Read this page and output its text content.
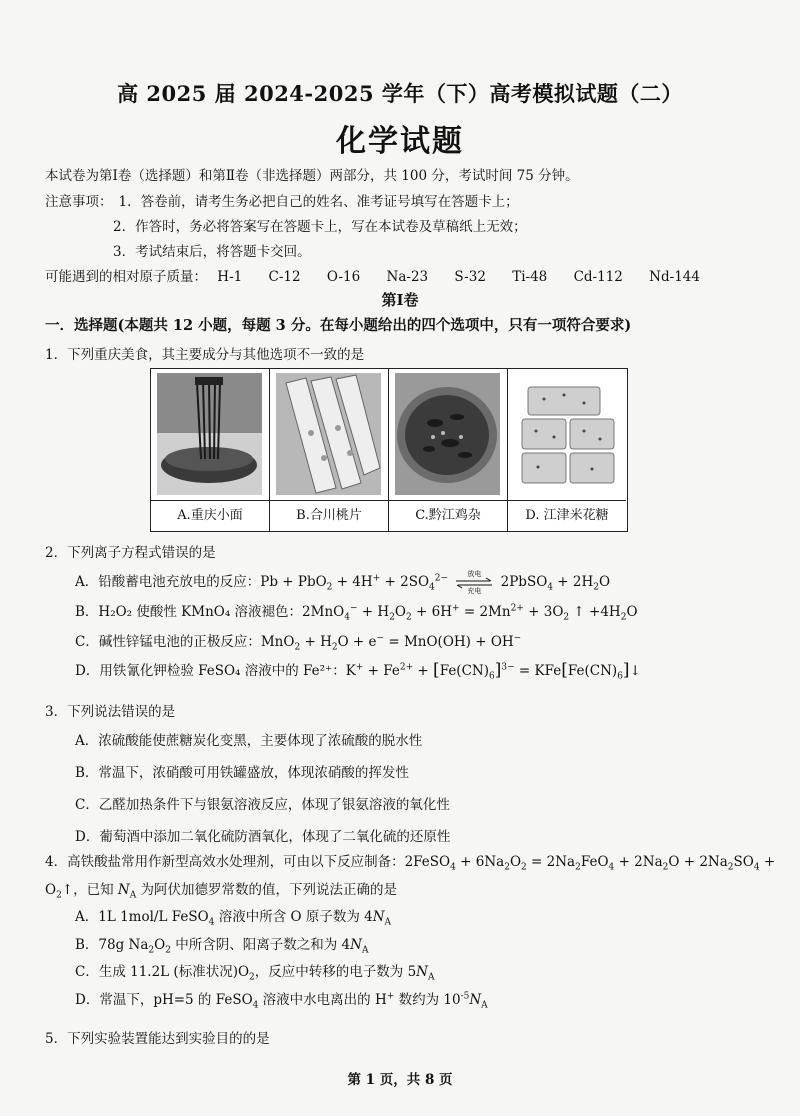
高 2025 届 2024-2025 学年（下）高考模拟试题（二）
化学试题
本试卷为第Ⅰ卷（选择题）和第Ⅱ卷（非选择题）两部分，共 100 分，考试时间 75 分钟。
注意事项： 1．答卷前，请考生务必把自己的姓名、准考证号填写在答题卡上；
2．作答时，务必将答案写在答题卡上，写在本试卷及草稿纸上无效；
3．考试结束后，将答题卡交回。
可能遇到的相对原子质量： H-1 C-12 O-16 Na-23 S-32 Ti-48 Cd-112 Nd-144
第Ⅰ卷
一．选择题(本题共 12 小题，每题 3 分。在每小题给出的四个选项中，只有一项符合要求)
1．下列重庆美食，其主要成分与其他选项不一致的是
A.重庆小面	B.合川桃片	C.黔江鸡杂	D. 江津米花糖
2．下列离子方程式错误的是
A．铅酸蓄电池充放电的反应：$Pb + PbO_2 + 4H^+ + 2SO_4^{2-}$	放电
充电
2PbSO$_4$ + $2H_2O$
B．H₂O₂ 使酸性 KMnO₄ 溶液褪色：$2MnO_4^- + H_2O_2 + 6H^+ = 2Mn^{2+} + 3O_2$ ↑ $+4H_2O$
C．碱性锌锰电池的正极反应：$MnO_2 + H_2O + e^- = MnO(OH) + OH^-$
D．用铁氰化钾检验 FeSO₄ 溶液中的 Fe²⁺：$K^+ + Fe^{2+} + [Fe(CN)_6]^{3-}$ = $KFe[Fe(CN)_6]↓$
3．下列说法错误的是
A．浓硫酸能使蔗糖炭化变黑，主要体现了浓硫酸的脱水性
B．常温下，浓硝酸可用铁罐盛放，体现浓硝酸的挥发性
C．乙醛加热条件下与银氨溶液反应，体现了银氨溶液的氧化性
D．葡萄酒中添加二氧化硫防酒氧化，体现了二氧化硫的还原性
4．高铁酸盐常用作新型高效水处理剂，可由以下反应制备：2FeSO$_4$ + $6Na_2O_2 = 2Na_2FeO_4 + 2Na_2O + 2Na_2SO_4$ +
$O_2↑$，已知 $N_A$ 为阿伏加德罗常数的值，下列说法正确的是
A．1L 1mol/L FeSO$_4$ 溶液中所含 O 原子数为 $4N_A$
B．78g $Na_2O_2$ 中所含阴、阳离子数之和为 $4N_A$
C．生成 11.2L (标准状况)$O_2$，反应中转移的电子数为 $5N_A$
D．常温下，pH=5 的 FeSO$_4$ 溶液中水电离出的 H+ 数约为 $10^{-5}N_A$
5．下列实验装置能达到实验目的的是
第 1 页，共 8 页
